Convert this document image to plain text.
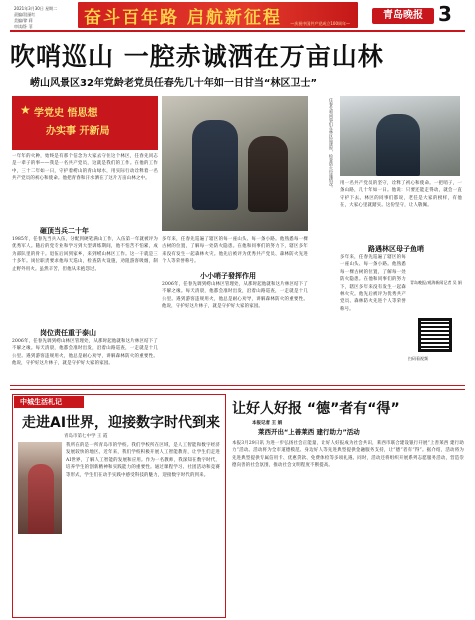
2021年3月30日 星期二
责编/段丽红
美编/徐 莉
审读/卧 菲	奋斗百年路 启航新征程 —庆祝中国共产党成立100周年—
青岛晚报 3
吹哨巡山 一腔赤诚洒在万亩山林
崂山风景区32年党龄老党员任春先几十年如一日甘当“林区卫士”
★ 学党史 悟思想
办实事 开新局	任春先和同事们在林区巡逻时，检查防火设施情况。
一年年的火种，始终是有那个信念为大家去守住这个林区，任春先同志是一辈子的事——我是一名共产党员，这就是我们的工作。在他的工作中，三十二年如一日，守护着崂山的青山绿水，用实际行动诠释着一名共产党员的初心和使命。他把青春和汗水洒在了这片万亩山林之中。
砸顶当兵二十年
1985年，任春先当兵入伍，分配到硬笔满山工作，入伍第一年就被评为优秀军人。随后的党专业和学习到大型训练期间，他不怕苦不怕累，成为部队里的骨干。退伍后回到家乡，来到崂山林区工作。这一干就是三十多年。岗位职责要求他每天巡山，检查防火设施，劝阻游客吸烟，制止野外用火。虽然辛苦，但他从未抱怨过。
岗位责任重于泰山
2006年，任春先调到崂山林区管理处，从那时起他就和这片林区结下了不解之缘。每天清晨，他都会准时出发，沿着山路巡查，一走就是十几公里。遇到游客违规用火，他总是耐心劝导，讲解森林防火的重要性。他说，守护好这片林子，就是守护好大家的家园。
多年来，任春先巡遍了辖区的每一座山头、每一条小路。他熟悉每一棵古树的位置，了解每一处防火隐患。在他和同事们的努力下，辖区多年来没有发生一起森林火灾。他先后被评为优秀共产党员、森林防火先进个人等荣誉称号。
小小哨子發挥作用
2006年，任春先调到崂山林区管理处，从那时起他就和这片林区结下了不解之缘。每天清晨，他都会准时出发，沿着山路巡查，一走就是十几公里。遇到游客违规用火，他总是耐心劝导，讲解森林防火的重要性。他说，守护好这片林子，就是守护好大家的家园。
用一名共产党员的坚守，诠释了初心和使命。一把哨子，一条山路，几十年如一日。他说：只要还能走得动，就会一直守护下去。林区的同事们都说，老任是大家的榜样，有他在，大家心里就踏实。这份坚守，让人敬佩。
路遇林区母子鱼哨
多年来，任春先巡遍了辖区的每一座山头、每一条小路。他熟悉每一棵古树的位置，了解每一处防火隐患。在他和同事们的努力下，辖区多年来没有发生一起森林火灾。他先后被评为优秀共产党员、森林防火先进个人等荣誉称号。
青岛晚报/观海新闻记者 吴 娟
扫码看视频
中城生活札记
走进AI世界，迎接数字时代到来
青岛市第七中学 王 霞
我所在的是一所青岛市的学校。我们学校所在区域，是人工智能和数字经济发展较快的地区。近年来，我们学校积极开展人工智能教育，让学生们走进AI世界，了解人工智能的发展和应用。作为一名教师，我深知在数字时代，培养学生的创新精神和实践能力的重要性。通过课程学习、社团活动和竞赛等形式，学生们在动手实践中感受科技的魅力，迎接数字时代的到来。
让好人好报 “德”者有“得”
本报记者 王 娟
莱西开出“上善莱西 建行助力”活动
本报3月29日讯 为进一步弘扬社会正能量，让好人好报成为社会共识，莱西市联合建设银行开展“上善莱西 建行助力”活动。活动将为全市道德模范、身边好人等先进典型提供金融服务支持，让“德”者有“得”。据介绍，活动将为先进典型提供专属信用卡、优惠贷款、免费体检等多项礼遇。同时，活动还将组织开展系列志愿服务活动，营造崇德向善的社会氛围，推动社会文明程度不断提高。
